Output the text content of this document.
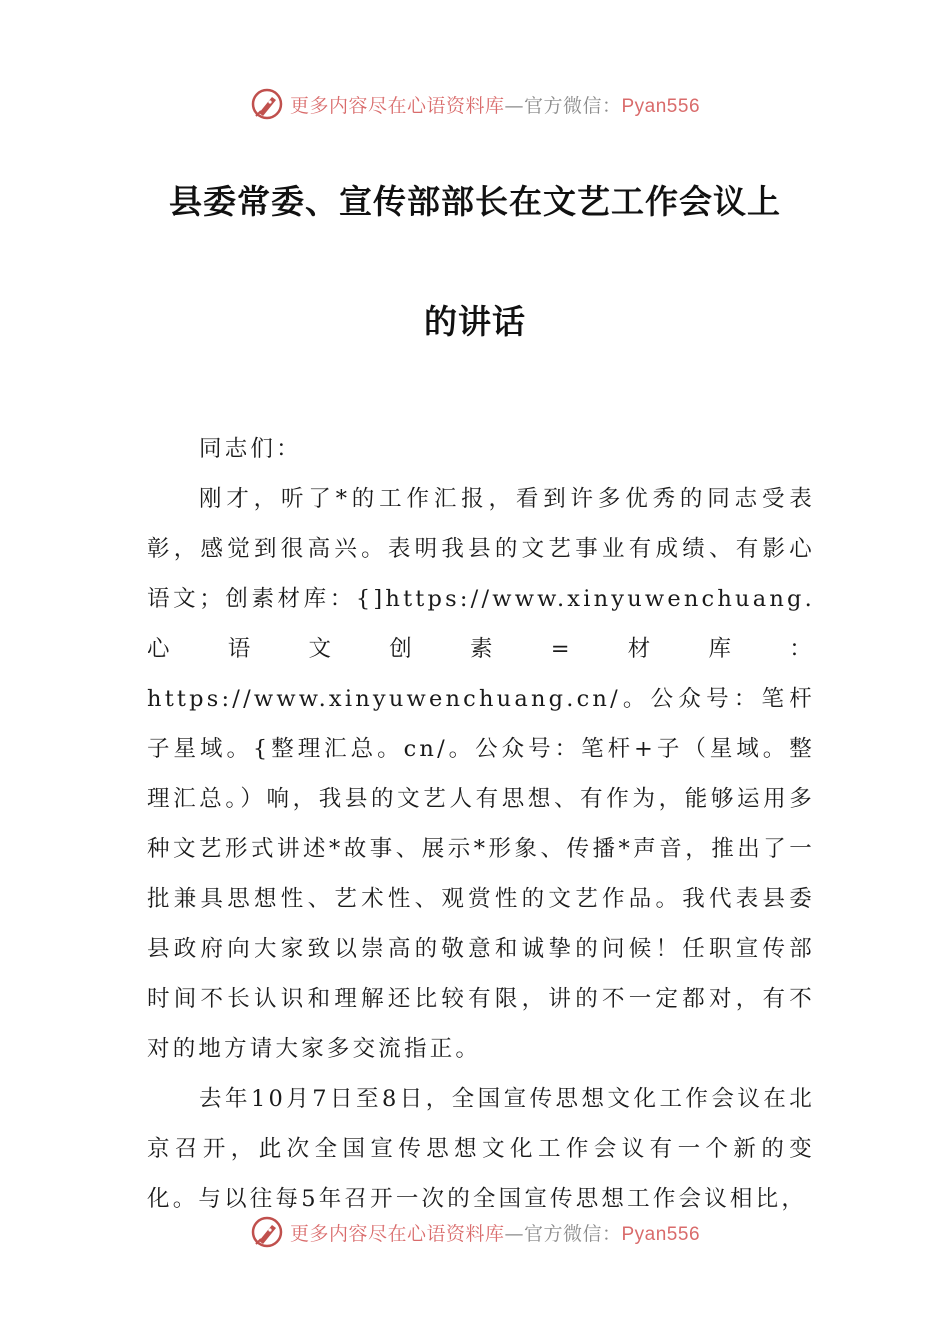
更多内容尽在心语资料库—官方微信：Pyan556
县委常委、宣传部部长在文艺工作会议上
的讲话

同志们：

刚才，听了*的工作汇报，看到许多优秀的同志受表彰，感觉到很高兴。表明我县的文艺事业有成绩、有影心语文；创素材库：{]https://www.xinyuwenchuang.心语文创素=材库：https://www.xinyuwenchuang.cn/。公众号：笔杆子星域。{整理汇总。cn/。公众号：笔杆+子（星域。整理汇总。）响，我县的文艺人有思想、有作为，能够运用多种文艺形式讲述*故事、展示*形象、传播*声音，推出了一批兼具思想性、艺术性、观赏性的文艺作品。我代表县委县政府向大家致以崇高的敬意和诚挚的问候！任职宣传部时间不长认识和理解还比较有限，讲的不一定都对，有不对的地方请大家多交流指正。

去年10月7日至8日，全国宣传思想文化工作会议在北京召开，此次全国宣传思想文化工作会议有一个新的变化。与以往每5年召开一次的全国宣传思想工作会议相比，

更多内容尽在心语资料库—官方微信：Pyan556
